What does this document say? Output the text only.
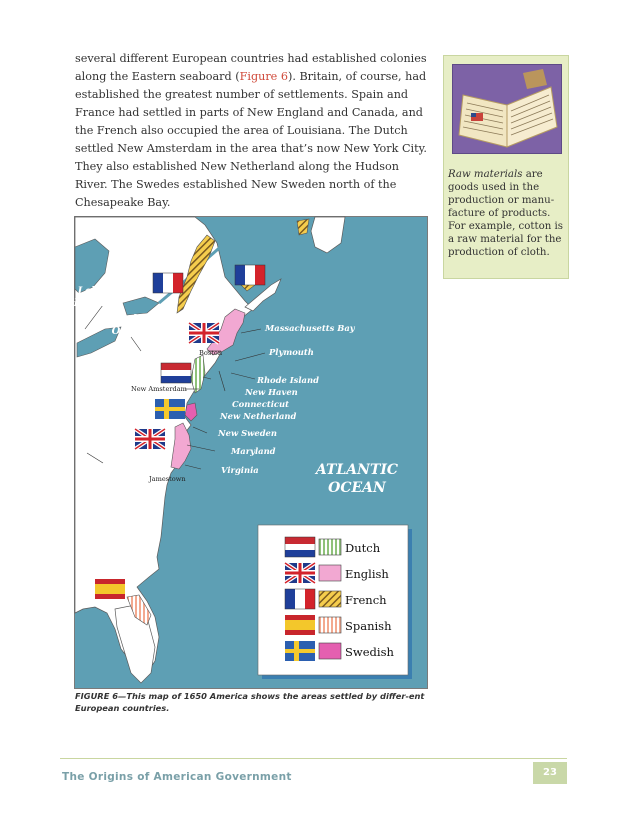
several different European countries had established colonies along the Eastern seaboard (Figure 6). Britain, of course, had established the greatest number of settlements. Spain and France had settled in parts of New England and Canada, and the French also occupied the area of Louisiana. The Dutch settled New Amsterdam in the area that’s now New York City. They also established New Netherland along the Hudson River. The Swedes established New Sweden north of the Chesapeake Bay.
Raw materials are goods used in the production or manu-facture of products. For example, cotton is a raw material for the production of cloth.
Lake
Huron
Lake
Ontario
Lake
Erie
Massachusetts Bay
Plymouth
Boston
Rhode Island
New Haven
Connecticut
New Amsterdam
New Netherland
New Sweden
Maryland
Virginia
Jamestown
ATLANTIC
OCEAN
Dutch
English
French
Spanish
Swedish
FIGURE 6—This map of 1650 America shows the areas settled by differ-ent European countries.
The Origins of American Government	23
